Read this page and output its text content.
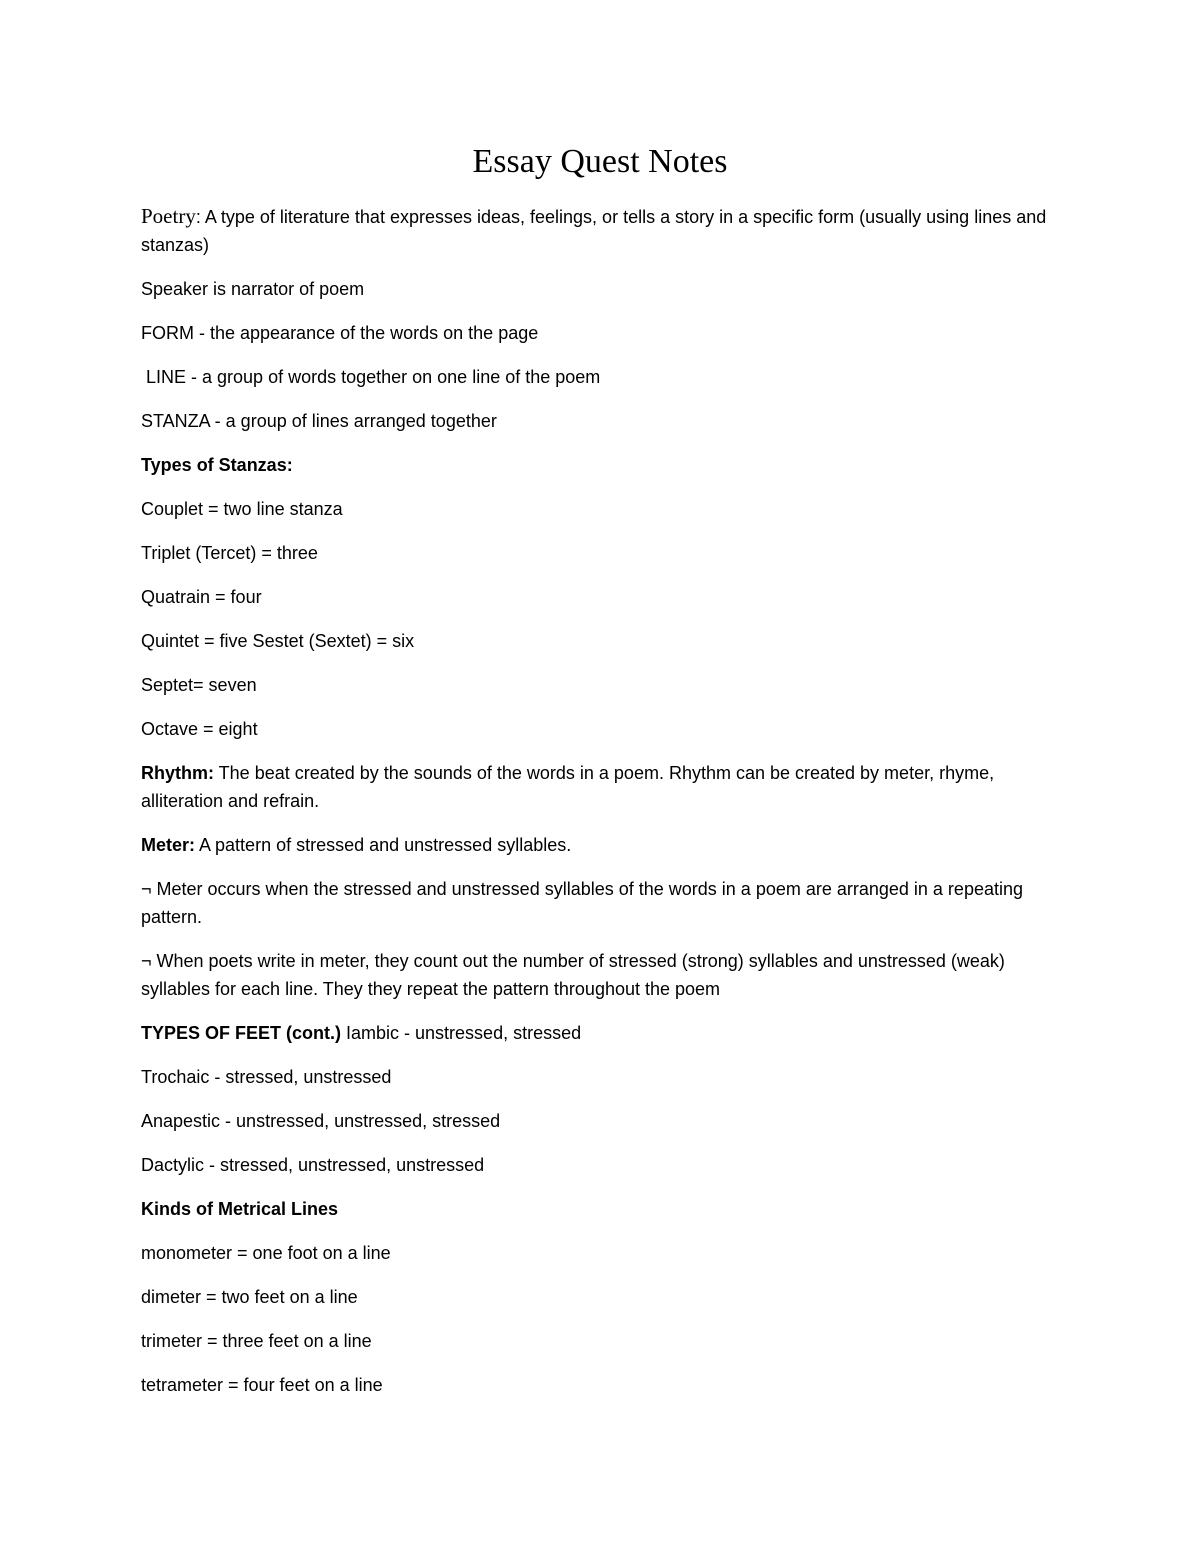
Essay Quest Notes

Poetry: A type of literature that expresses ideas, feelings, or tells a story in a specific form (usually using lines and stanzas)

Speaker is narrator of poem

FORM - the appearance of the words on the page

LINE - a group of words together on one line of the poem

STANZA - a group of lines arranged together

Types of Stanzas:

Couplet = two line stanza

Triplet (Tercet) = three

Quatrain = four

Quintet = five Sestet (Sextet) = six

Septet= seven

Octave = eight

Rhythm: The beat created by the sounds of the words in a poem. Rhythm can be created by meter, rhyme, alliteration and refrain.

Meter: A pattern of stressed and unstressed syllables.

¬ Meter occurs when the stressed and unstressed syllables of the words in a poem are arranged in a repeating pattern.

¬ When poets write in meter, they count out the number of stressed (strong) syllables and unstressed (weak) syllables for each line. They they repeat the pattern throughout the poem

TYPES OF FEET (cont.) Iambic - unstressed, stressed

Trochaic - stressed, unstressed

Anapestic - unstressed, unstressed, stressed

Dactylic - stressed, unstressed, unstressed

Kinds of Metrical Lines

monometer = one foot on a line

dimeter = two feet on a line

trimeter = three feet on a line

tetrameter = four feet on a line
